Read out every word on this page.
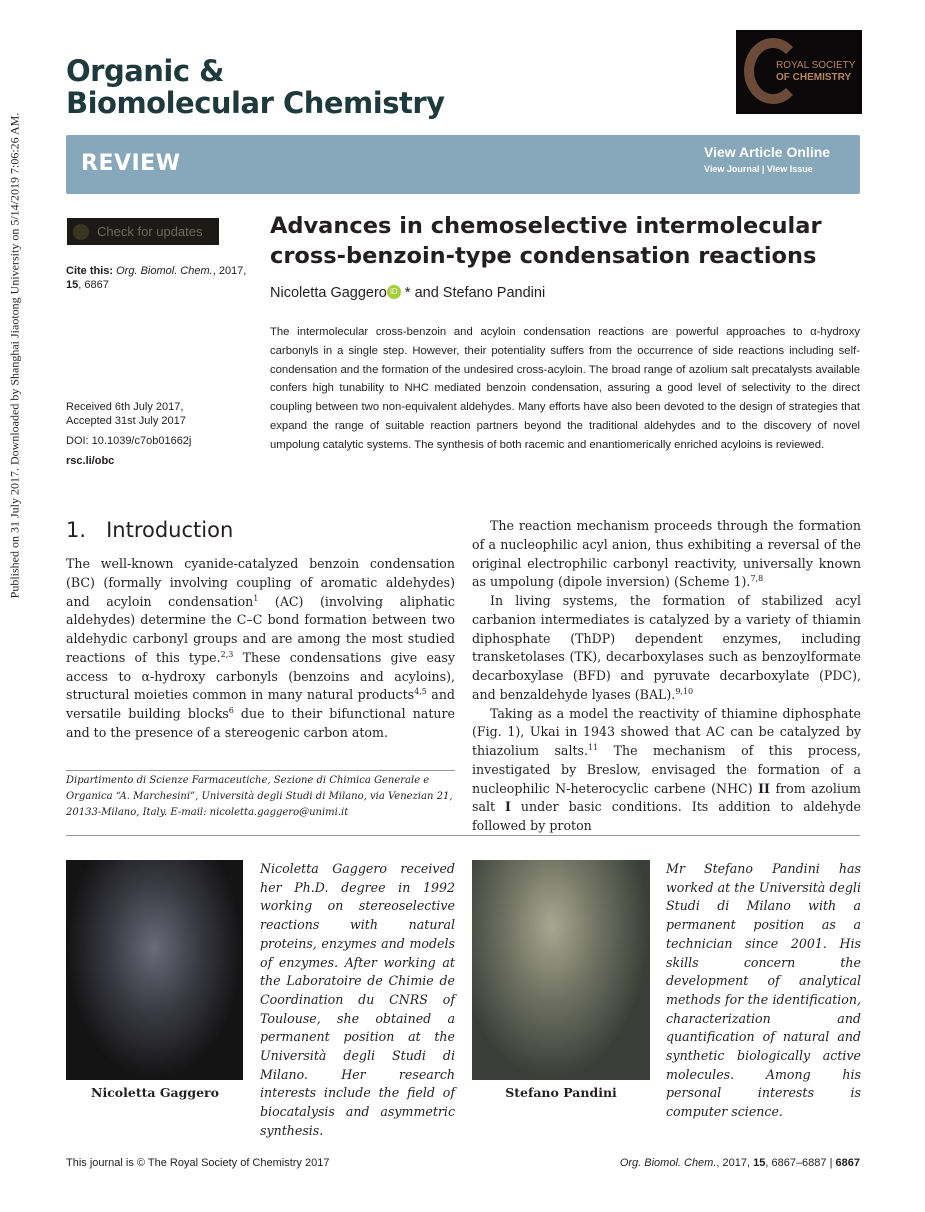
Published on 31 July 2017. Downloaded by Shanghai Jiaotong University on 5/14/2019 7:06:26 AM.
Organic &
Biomolecular Chemistry
ROYAL SOCIETY
OF CHEMISTRY
REVIEW	View Article Online
View Journal | View Issue
Check for updates
Cite this: Org. Biomol. Chem., 2017,
15, 6867
Received 6th July 2017,
Accepted 31st July 2017
DOI: 10.1039/c7ob01662j
rsc.li/obc
Advances in chemoselective intermolecular cross-benzoin-type condensation reactions
Nicoletta Gaggero iD * and Stefano Pandini
The intermolecular cross-benzoin and acyloin condensation reactions are powerful approaches to α-hydroxy carbonyls in a single step. However, their potentiality suffers from the occurrence of side reactions including self-condensation and the formation of the undesired cross-acyloin. The broad range of azolium salt precatalysts available confers high tunability to NHC mediated benzoin condensation, assuring a good level of selectivity to the direct coupling between two non-equivalent aldehydes. Many efforts have also been devoted to the design of strategies that expand the range of suitable reaction partners beyond the traditional aldehydes and to the discovery of novel umpolung catalytic systems. The synthesis of both racemic and enantiomerically enriched acyloins is reviewed.
1. Introduction

The well-known cyanide-catalyzed benzoin condensation (BC) (formally involving coupling of aromatic aldehydes) and acyloin condensation$^1$ (AC) (involving aliphatic aldehydes) determine the C–C bond formation between two aldehydic carbonyl groups and are among the most studied reactions of this type.$^{2,3}$ These condensations give easy access to α-hydroxy carbonyls (benzoins and acyloins), structural moieties common in many natural products$^{4,5}$ and versatile building blocks$^6$ due to their bifunctional nature and to the presence of a stereogenic carbon atom.

The reaction mechanism proceeds through the formation of a nucleophilic acyl anion, thus exhibiting a reversal of the original electrophilic carbonyl reactivity, universally known as umpolung (dipole inversion) (Scheme 1).$^{7,8}$

In living systems, the formation of stabilized acyl carbanion intermediates is catalyzed by a variety of thiamin diphosphate (ThDP) dependent enzymes, including transketolases (TK), decarboxylases such as benzoylformate decarboxylase (BFD) and pyruvate decarboxylate (PDC), and benzaldehyde lyases (BAL).$^{9,10}$

Taking as a model the reactivity of thiamine diphosphate (Fig. 1), Ukai in 1943 showed that AC can be catalyzed by thiazolium salts.$^{11}$ The mechanism of this process, investigated by Breslow, envisaged the formation of a nucleophilic N-heterocyclic carbene (NHC) II from azolium salt I under basic conditions. Its addition to aldehyde followed by proton

Dipartimento di Scienze Farmaceutiche, Sezione di Chimica Generale e Organica “A. Marchesini”, Università degli Studi di Milano, via Venezian 21, 20133-Milano, Italy. E-mail: nicoletta.gaggero@unimi.it
Nicoletta Gaggero
Nicoletta Gaggero received her Ph.D. degree in 1992 working on stereoselective reactions with natural proteins, enzymes and models of enzymes. After working at the Laboratoire de Chimie de Coordination du CNRS of Toulouse, she obtained a permanent position at the Università degli Studi di Milano. Her research interests include the field of biocatalysis and asymmetric synthesis.
Stefano Pandini
Mr Stefano Pandini has worked at the Università degli Studi di Milano with a permanent position as a technician since 2001. His skills concern the development of analytical methods for the identification, characterization and quantification of natural and synthetic biologically active molecules. Among his personal interests is computer science.
This journal is © The Royal Society of Chemistry 2017	Org. Biomol. Chem., 2017, 15, 6867–6887 | 6867
